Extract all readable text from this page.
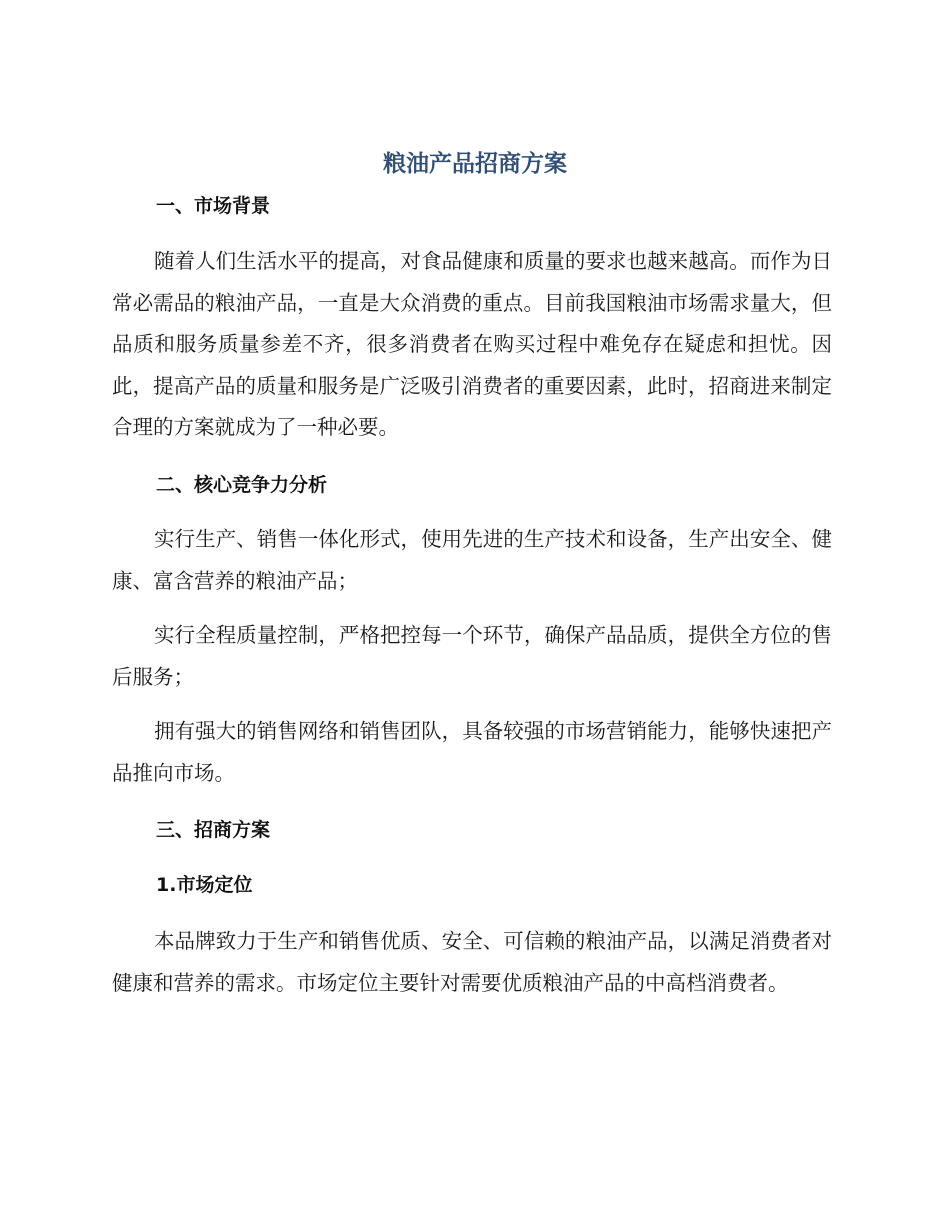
粮油产品招商方案
一、市场背景

随着人们生活水平的提高，对食品健康和质量的要求也越来越高。而作为日常必需品的粮油产品，一直是大众消费的重点。目前我国粮油市场需求量大，但品质和服务质量参差不齐，很多消费者在购买过程中难免存在疑虑和担忧。因此，提高产品的质量和服务是广泛吸引消费者的重要因素，此时，招商进来制定合理的方案就成为了一种必要。

二、核心竞争力分析

实行生产、销售一体化形式，使用先进的生产技术和设备，生产出安全、健康、富含营养的粮油产品；

实行全程质量控制，严格把控每一个环节，确保产品品质，提供全方位的售后服务；

拥有强大的销售网络和销售团队，具备较强的市场营销能力，能够快速把产品推向市场。

三、招商方案
1.市场定位

本品牌致力于生产和销售优质、安全、可信赖的粮油产品，以满足消费者对健康和营养的需求。市场定位主要针对需要优质粮油产品的中高档消费者。
